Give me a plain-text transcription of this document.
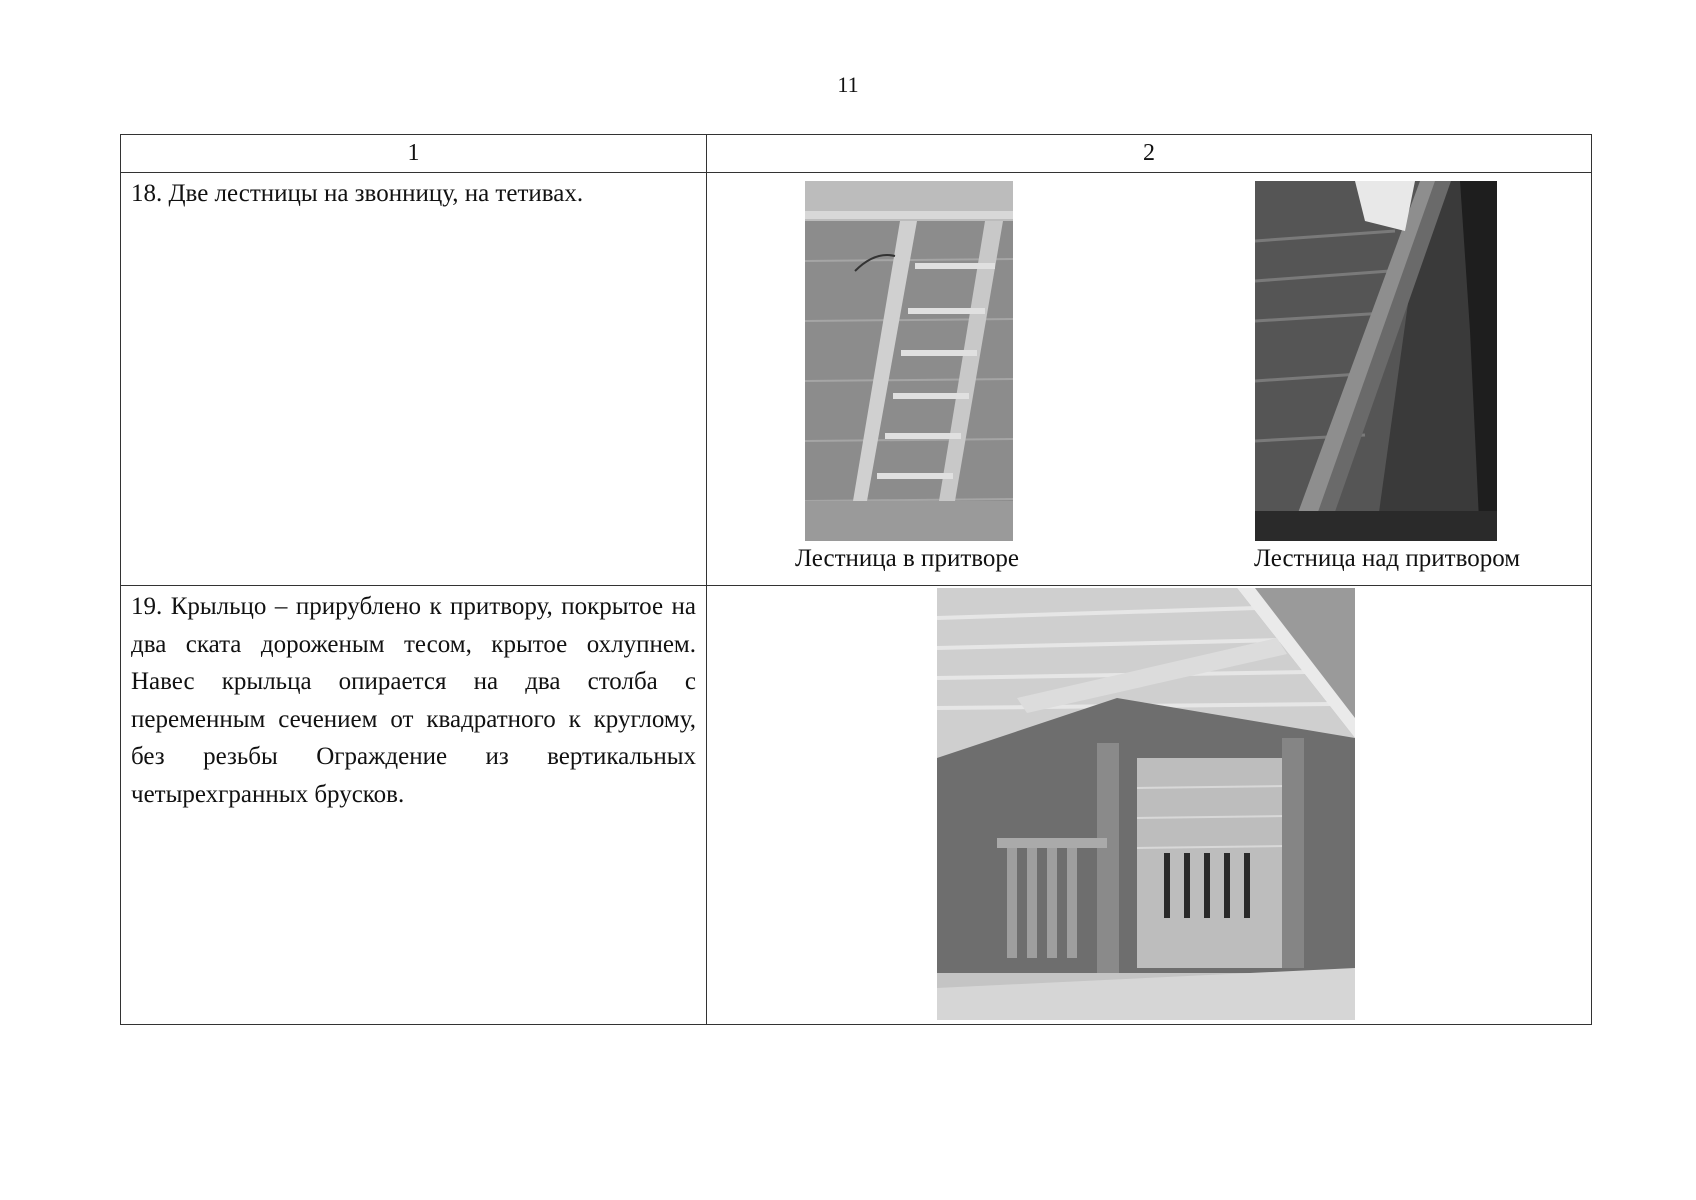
11
1	2

18. Две лестницы на звонницу, на тетивах.	Лестница в притворе Лестница над притвором

19. Крыльцо – прирублено к притвору, покрытое на два ската дороженым тесом, крытое охлупнем. Навес крыльца опирается на два столба с переменным сечением от квадратного к круглому, без резьбы Ограждение из вертикальных четырехгранных брусков.
